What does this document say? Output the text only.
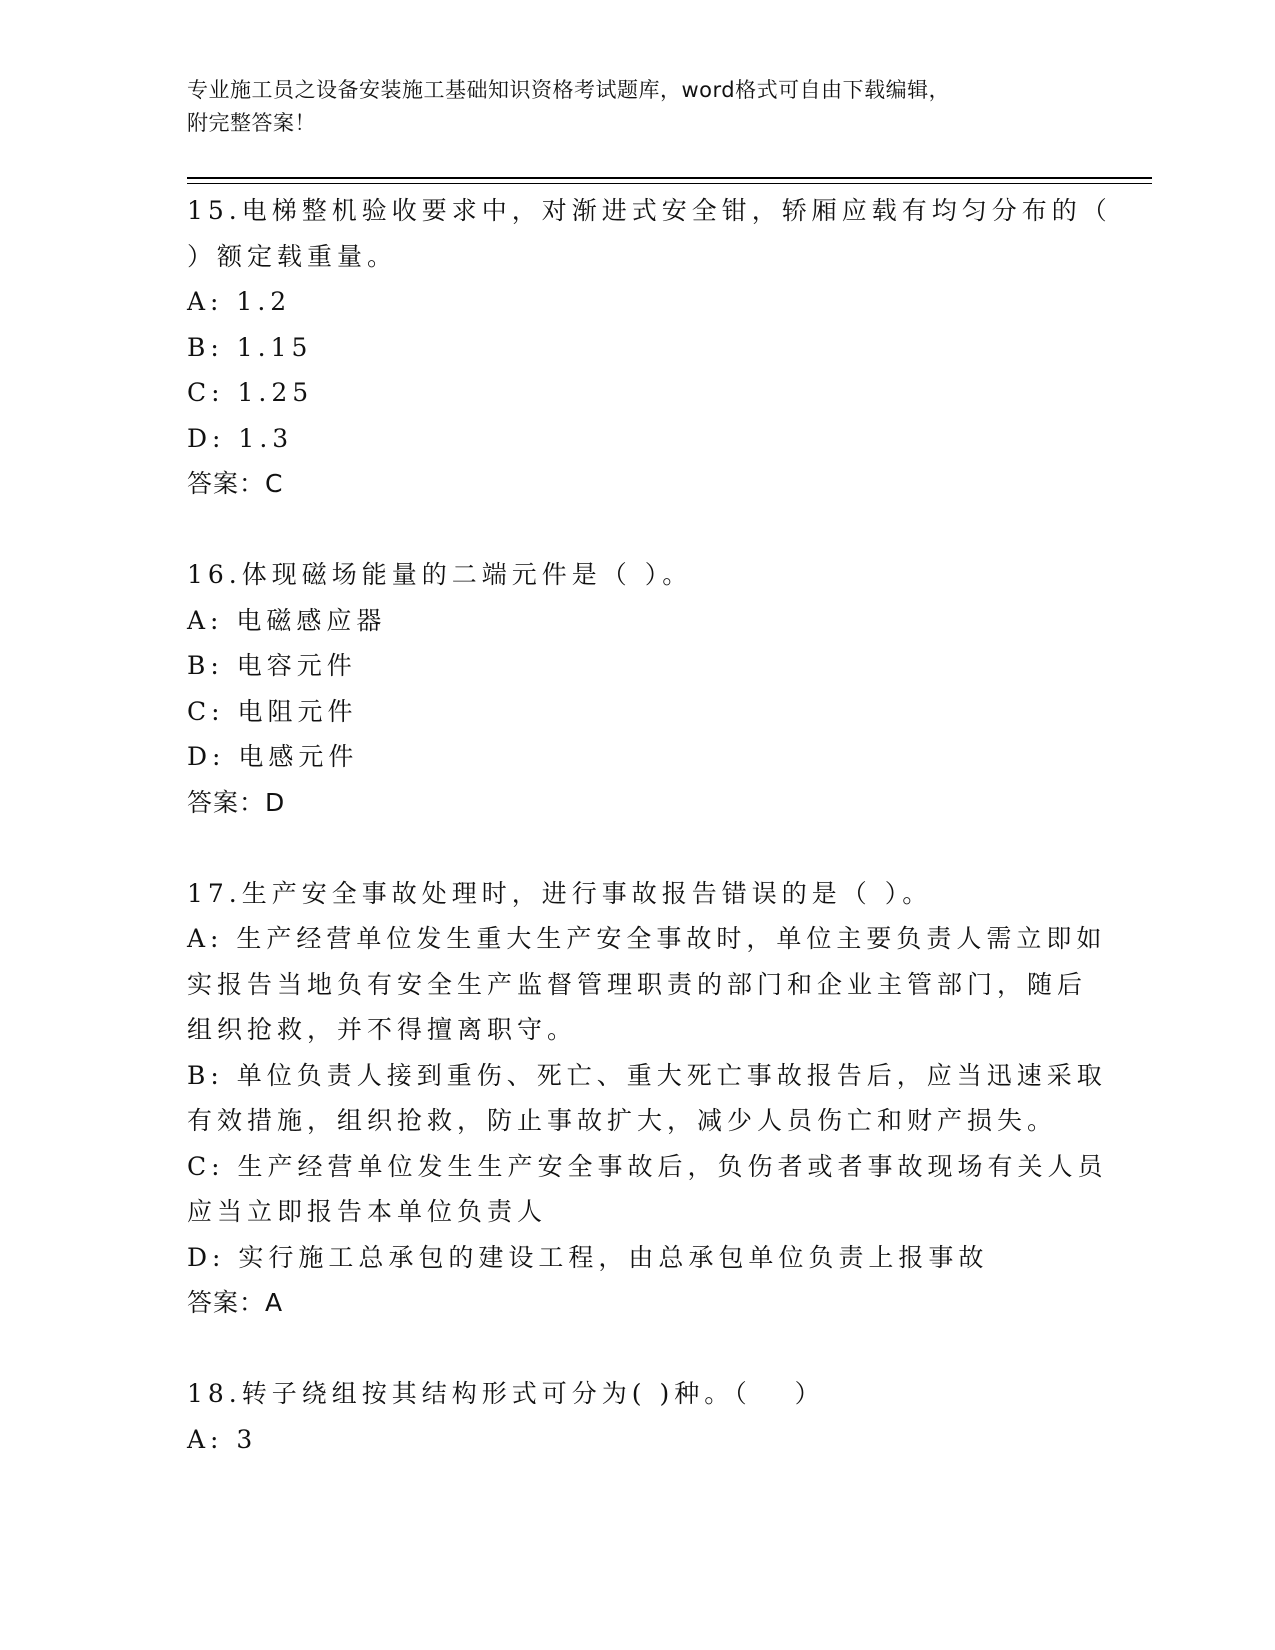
专业施工员之设备安装施工基础知识资格考试题库，word格式可自由下载编辑，
附完整答案！
15.电梯整机验收要求中，对渐进式安全钳，轿厢应载有均匀分布的（
）额定载重量。
A: 1.2
B: 1.15
C: 1.25
D: 1.3
答案：C
16.体现磁场能量的二端元件是（ ）。
A: 电磁感应器
B: 电容元件
C: 电阻元件
D: 电感元件
答案：D
17.生产安全事故处理时，进行事故报告错误的是（ ）。
A: 生产经营单位发生重大生产安全事故时，单位主要负责人需立即如
实报告当地负有安全生产监督管理职责的部门和企业主管部门，随后
组织抢救，并不得擅离职守。
B: 单位负责人接到重伤、死亡、重大死亡事故报告后，应当迅速采取
有效措施，组织抢救，防止事故扩大，减少人员伤亡和财产损失。
C: 生产经营单位发生生产安全事故后，负伤者或者事故现场有关人员
应当立即报告本单位负责人
D: 实行施工总承包的建设工程，由总承包单位负责上报事故
答案：A
18.转子绕组按其结构形式可分为( )种。（　 ）
A: 3
